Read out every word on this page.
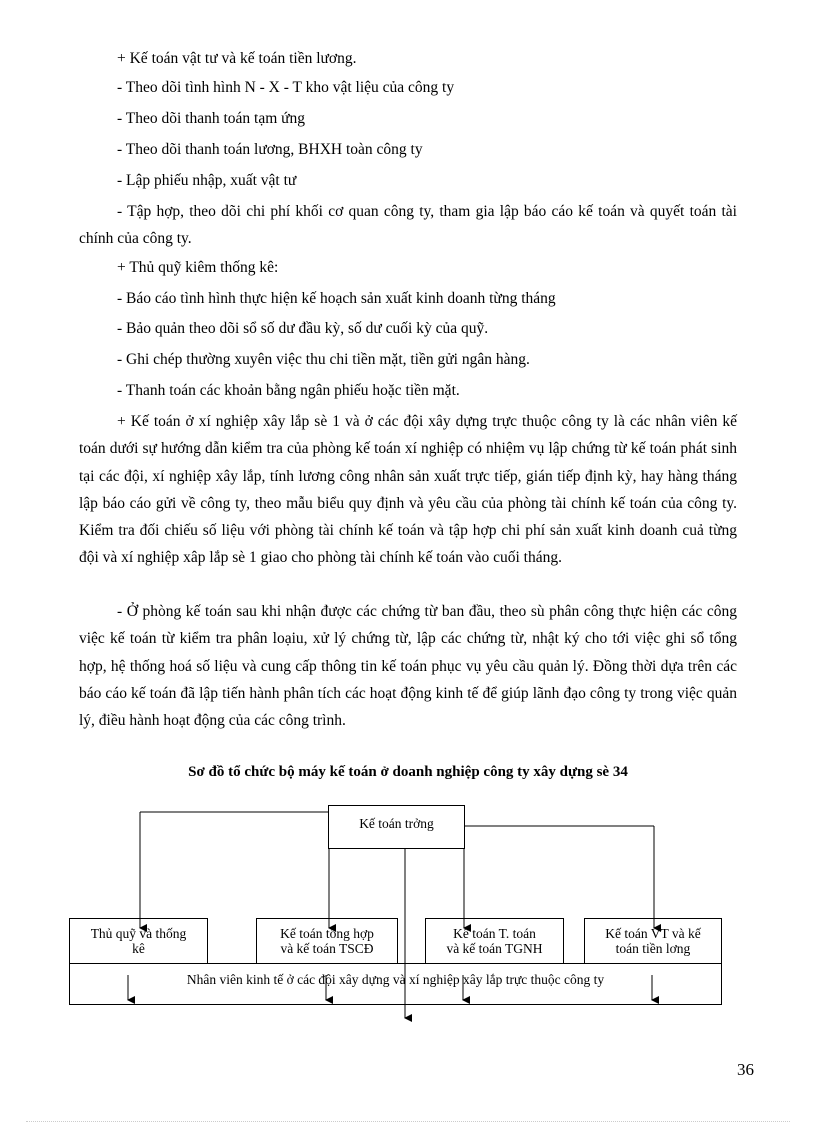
+ Kế toán vật tư và kế toán tiền lương.
- Theo dõi tình hình N - X - T kho vật liệu của công ty
- Theo dõi thanh toán tạm ứng
- Theo dõi thanh toán lương, BHXH toàn công ty
- Lập phiếu nhập, xuất vật tư

- Tập hợp, theo dõi chi phí khối cơ quan công ty, tham gia lập báo cáo kế toán và quyết toán tài chính của công ty.

+ Thủ quỹ kiêm thống kê:
- Báo cáo tình hình thực hiện kế hoạch sản xuất kinh doanh từng tháng
- Bảo quản theo dõi sổ số dư đầu kỳ, số dư cuối kỳ của quỹ.
- Ghi chép thường xuyên việc thu chi tiền mặt, tiền gửi ngân hàng.
- Thanh toán các khoản bằng ngân phiếu hoặc tiền mặt.

+ Kế toán ở xí nghiệp xây lắp sè 1 và ở các đội xây dựng trực thuộc công ty là các nhân viên kế toán dưới sự hướng dẫn kiểm tra của phòng kế toán xí nghiệp có nhiệm vụ lập chứng từ kế toán phát sinh tại các đội, xí nghiệp xây lắp, tính lương công nhân sản xuất trực tiếp, gián tiếp định kỳ, hay hàng tháng lập báo cáo gửi về công ty, theo mẫu biểu quy định và yêu cầu của phòng tài chính kế toán của công ty. Kiểm tra đối chiếu số liệu với phòng tài chính kế toán và tập hợp chi phí sản xuất kinh doanh cuả từng đội và xí nghiệp xâp lắp sè 1 giao cho phòng tài chính kế toán vào cuối tháng.

- Ở phòng kế toán sau khi nhận được các chứng từ ban đầu, theo sù phân công thực hiện các công việc kế toán từ kiểm tra phân loạiu, xử lý chứng từ, lập các chứng từ, nhật ký cho tới việc ghi sổ tổng hợp, hệ thống hoá số liệu và cung cấp thông tin kế toán phục vụ yêu cầu quản lý. Đồng thời dựa trên các báo cáo kế toán đã lập tiến hành phân tích các hoạt động kinh tế để giúp lãnh đạo công ty trong việc quản lý, điều hành hoạt động của các công trình.

Sơ đồ tổ chức bộ máy kế toán ở doanh nghiệp công ty xây dựng sè 34
Kế toán trởng
Nhân viên kinh tế ở các đội xây dựng và xí nghiệp xây lắp trực thuộc công ty
Thủ quỹ và thống
kê
Kế toán tổng hợp
và kế toán TSCĐ
Kế toán T. toán
và kế toán TGNH
Kế toán VT và kế
toán tiền lơng
36
